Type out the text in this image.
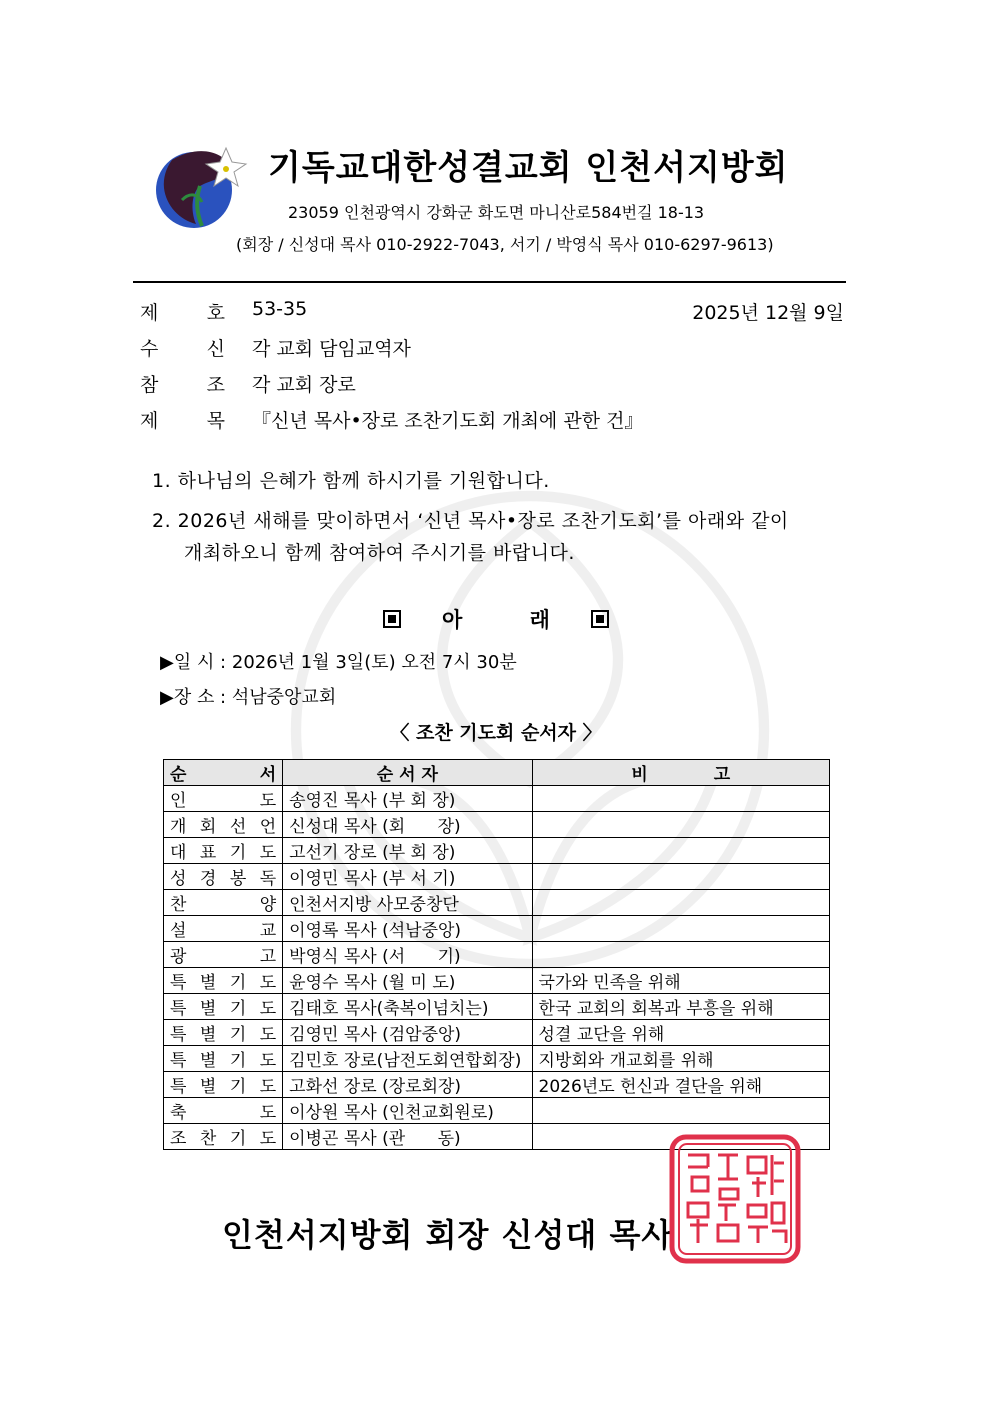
기독교대한성결교회 인천서지방회
23059 인천광역시 강화군 화도면 마니산로584번길 18-13
(회장 / 신성대 목사 010-2922-7043, 서기 / 박영식 목사 010-6297-9613)
제	호 53-35	2025년 12월 9일
수	신 각 교회 담임교역자
참	조 각 교회 장로
제	목 『신년 목사•장로 조찬기도회 개최에 관한 건』
1. 하나님의 은혜가 함께 하시기를 기원합니다.
2. 2026년 새해를 맞이하면서 ‘신년 목사•장로 조찬기도회’를 아래와 같이
개최하오니 함께 참여하여 주시기를 바랍니다.
아	래
▶일 시 : 2026년 1월 3일(토) 오전 7시 30분
▶장 소 : 석남중앙교회
〈 조찬 기도회 순서자 〉
순 서	순 서 자	비 고

인 도	송영진 목사 (부 회 장)	

개 회 선 언	신성대 목사 (회      장)	

대 표 기 도	고선기 장로 (부 회 장)	

성 경 봉 독	이영민 목사 (부 서 기)	

찬 양	인천서지방 사모중창단	

설 교	이영록 목사 (석남중앙)	

광 고	박영식 목사 (서      기)	

특 별 기 도	윤영수 목사 (월 미 도)	국가와 민족을 위해

특 별 기 도	김태호 목사(축복이넘치는)	한국 교회의 회복과 부흥을 위해

특 별 기 도	김영민 목사 (검암중앙)	성결 교단을 위해

특 별 기 도	김민호 장로(남전도회연합회장)	지방회와 개교회를 위해

특 별 기 도	고화선 장로 (장로회장)	2026년도 헌신과 결단을 위해

축 도	이상원 목사 (인천교회원로)	

조 찬 기 도	이병곤 목사 (관      동)	
인천서지방회 회장 신성대 목사
